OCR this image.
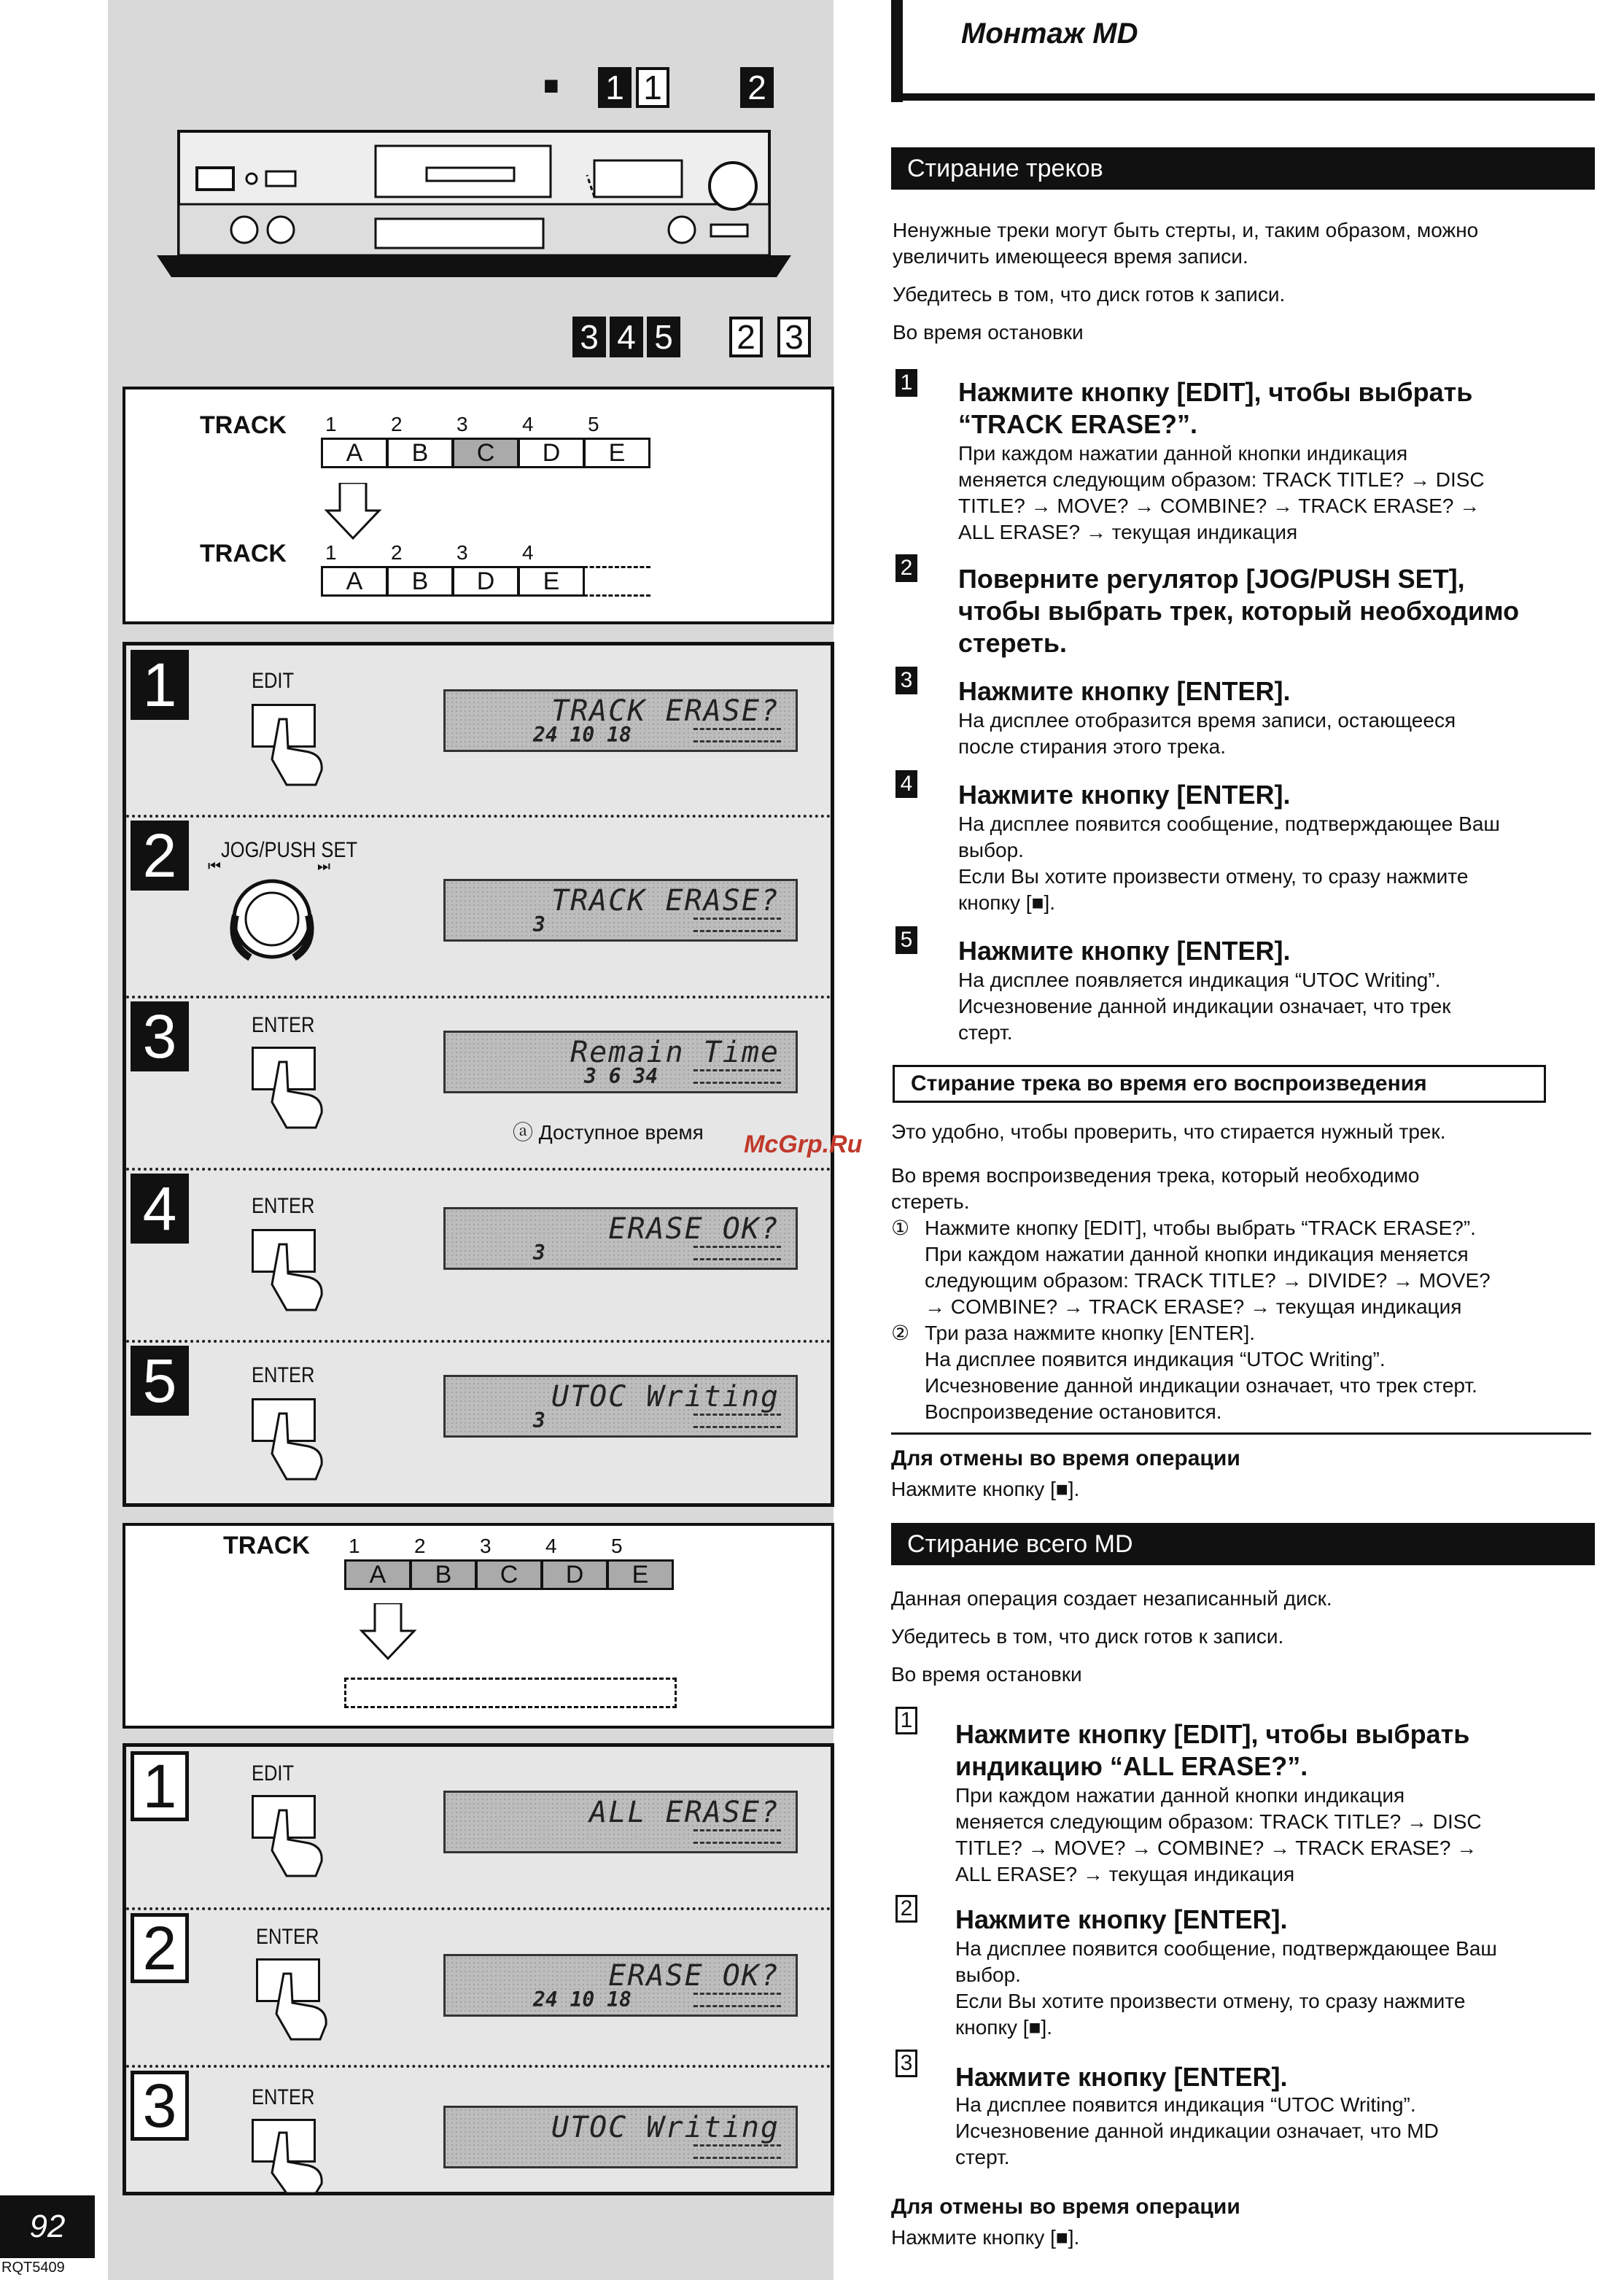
■ 1 1	2
3 4 5 2 3
TRACK 1	2	3	4	5
A	B	C	D	E
TRACK 1	2	3	4
A	B	D	E
1	EDIT
TRACK ERASE?
24 10 18
2	JOG/PUSH SET
⏮	⏭
TRACK ERASE?
3
3	ENTER
Remain Time
3 6 34
ⓐ Доступное время
4	ENTER
ERASE OK?
3
5	ENTER
UTOC Writing
3
TRACK 1	2	3	4	5
A	B	C	D	E
1	EDIT
ALL ERASE?
2	ENTER
ERASE OK?
24 10 18
3	ENTER
UTOC Writing
92
RQT5409
Монтаж MD
Стирание треков
Ненужные треки могут быть стерты, и, таким образом, можно
увеличить имеющееся время записи.
Убедитесь в том, что диск готов к записи.
Во время остановки
1 Нажмите кнопку [EDIT], чтобы выбрать
“TRACK ERASE?”.
При каждом нажатии данной кнопки индикация
меняется следующим образом: TRACK TITLE? → DISC
TITLE? → MOVE? → COMBINE? → TRACK ERASE? →
ALL ERASE? → текущая индикация
2 Поверните регулятор [JOG/PUSH SET],
чтобы выбрать трек, который необходимо
стереть.
3 Нажмите кнопку [ENTER].
На дисплее отобразится время записи, остающееся
после стирания этого трека.
4 Нажмите кнопку [ENTER].
На дисплее появится сообщение, подтверждающее Ваш
выбор.
Если Вы хотите произвести отмену, то сразу нажмите
кнопку [■].
5 Нажмите кнопку [ENTER].
На дисплее появляется индикация “UTOC Writing”.
Исчезновение данной индикации означает, что трек
стерт.
Стирание трека во время его воспроизведения
Это удобно, чтобы проверить, что стирается нужный трек.
McGrp.Ru
Во время воспроизведения трека, который необходимо
стереть.
① Нажмите кнопку [EDIT], чтобы выбрать “TRACK ERASE?”.
При каждом нажатии данной кнопки индикация меняется
следующим образом: TRACK TITLE? → DIVIDE? → MOVE?
→ COMBINE? → TRACK ERASE? → текущая индикация
② Три раза нажмите кнопку [ENTER].
На дисплее появится индикация “UTOC Writing”.
Исчезновение данной индикации означает, что трек стерт.
Воспроизведение остановится.
Для отмены во время операции
Нажмите кнопку [■].
Стирание всего MD
Данная операция создает незаписанный диск.
Убедитесь в том, что диск готов к записи.
Во время остановки
1 Нажмите кнопку [EDIT], чтобы выбрать
индикацию “ALL ERASE?”.
При каждом нажатии данной кнопки индикация
меняется следующим образом: TRACK TITLE? → DISC
TITLE? → MOVE? → COMBINE? → TRACK ERASE? →
ALL ERASE? → текущая индикация
2 Нажмите кнопку [ENTER].
На дисплее появится сообщение, подтверждающее Ваш
выбор.
Если Вы хотите произвести отмену, то сразу нажмите
кнопку [■].
3 Нажмите кнопку [ENTER].
На дисплее появится индикация “UTOC Writing”.
Исчезновение данной индикации означает, что MD
стерт.
Для отмены во время операции
Нажмите кнопку [■].
